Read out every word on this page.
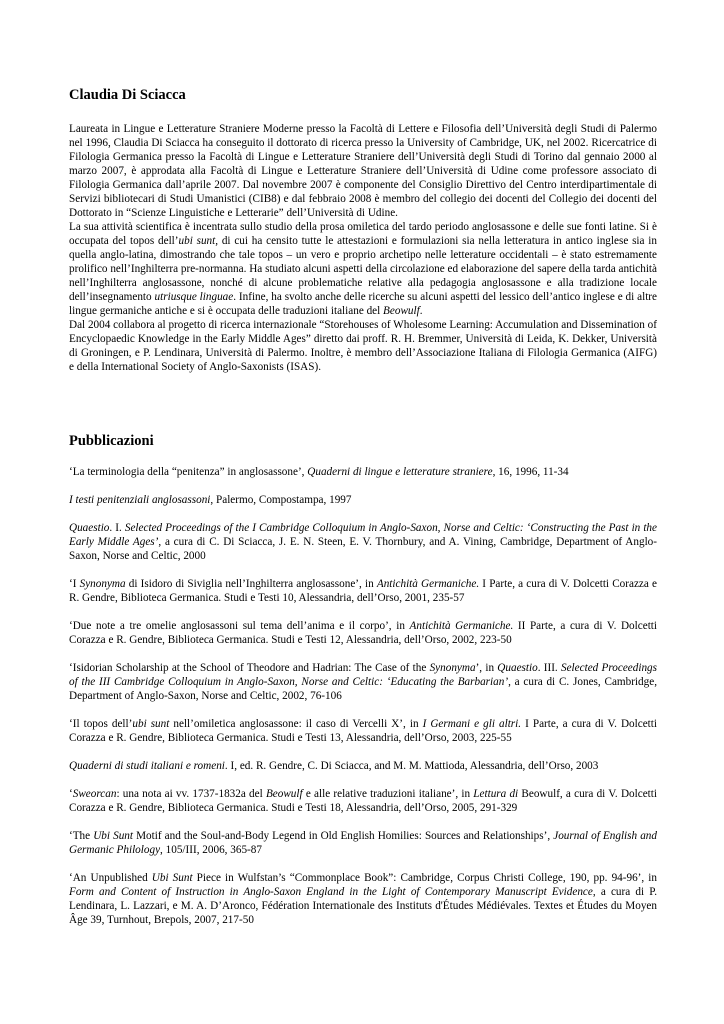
Claudia Di Sciacca

Laureata in Lingue e Letterature Straniere Moderne presso la Facoltà di Lettere e Filosofia dell’Università degli Studi di Palermo nel 1996, Claudia Di Sciacca ha conseguito il dottorato di ricerca presso la University of Cambridge, UK, nel 2002. Ricercatrice di Filologia Germanica presso la Facoltà di Lingue e Letterature Straniere dell’Università degli Studi di Torino dal gennaio 2000 al marzo 2007, è approdata alla Facoltà di Lingue e Letterature Straniere dell’Università di Udine come professore associato di Filologia Germanica dall’aprile 2007. Dal novembre 2007 è componente del Consiglio Direttivo del Centro interdipartimentale di Servizi bibliotecari di Studi Umanistici (CIB8) e dal febbraio 2008 è membro del collegio dei docenti del Collegio dei docenti del Dottorato in “Scienze Linguistiche e Letterarie” dell’Università di Udine.

La sua attività scientifica è incentrata sullo studio della prosa omiletica del tardo periodo anglosassone e delle sue fonti latine. Si è occupata del topos dell’ubi sunt, di cui ha censito tutte le attestazioni e formulazioni sia nella letteratura in antico inglese sia in quella anglo-latina, dimostrando che tale topos – un vero e proprio archetipo nelle letterature occidentali – è stato estremamente prolifico nell’Inghilterra pre-normanna. Ha studiato alcuni aspetti della circolazione ed elaborazione del sapere della tarda antichità nell’Inghilterra anglosassone, nonché di alcune problematiche relative alla pedagogia anglosassone e alla tradizione locale dell’insegnamento utriusque linguae. Infine, ha svolto anche delle ricerche su alcuni aspetti del lessico dell’antico inglese e di altre lingue germaniche antiche e si è occupata delle traduzioni italiane del Beowulf.

Dal 2004 collabora al progetto di ricerca internazionale “Storehouses of Wholesome Learning: Accumulation and Dissemination of Encyclopaedic Knowledge in the Early Middle Ages” diretto dai proff. R. H. Bremmer, Università di Leida, K. Dekker, Università di Groningen, e P. Lendinara, Università di Palermo. Inoltre, è membro dell’Associazione Italiana di Filologia Germanica (AIFG) e della International Society of Anglo-Saxonists (ISAS).

Pubblicazioni

‘La terminologia della “penitenza” in anglosassone’, Quaderni di lingue e letterature straniere, 16, 1996, 11-34

I testi penitenziali anglosassoni, Palermo, Compostampa, 1997

Quaestio. I. Selected Proceedings of the I Cambridge Colloquium in Anglo-Saxon, Norse and Celtic: ‘Constructing the Past in the Early Middle Ages’, a cura di C. Di Sciacca, J. E. N. Steen, E. V. Thornbury, and A. Vining, Cambridge, Department of Anglo-Saxon, Norse and Celtic, 2000

‘I Synonyma di Isidoro di Siviglia nell’Inghilterra anglosassone’, in Antichità Germaniche. I Parte, a cura di V. Dolcetti Corazza e R. Gendre, Biblioteca Germanica. Studi e Testi 10, Alessandria, dell’Orso, 2001, 235-57

‘Due note a tre omelie anglosassoni sul tema dell’anima e il corpo’, in Antichità Germaniche. II Parte, a cura di V. Dolcetti Corazza e R. Gendre, Biblioteca Germanica. Studi e Testi 12, Alessandria, dell’Orso, 2002, 223-50

‘Isidorian Scholarship at the School of Theodore and Hadrian: The Case of the Synonyma’, in Quaestio. III. Selected Proceedings of the III Cambridge Colloquium in Anglo-Saxon, Norse and Celtic: ‘Educating the Barbarian’, a cura di C. Jones, Cambridge, Department of Anglo-Saxon, Norse and Celtic, 2002, 76-106

‘Il topos dell’ubi sunt nell’omiletica anglosassone: il caso di Vercelli X’, in I Germani e gli altri. I Parte, a cura di V. Dolcetti Corazza e R. Gendre, Biblioteca Germanica. Studi e Testi 13, Alessandria, dell’Orso, 2003, 225-55

Quaderni di studi italiani e romeni. I, ed. R. Gendre, C. Di Sciacca, and M. M. Mattioda, Alessandria, dell’Orso, 2003

‘Sweorcan: una nota ai vv. 1737-1832a del Beowulf e alle relative traduzioni italiane’, in Lettura di Beowulf, a cura di V. Dolcetti Corazza e R. Gendre, Biblioteca Germanica. Studi e Testi 18, Alessandria, dell’Orso, 2005, 291-329

‘The Ubi Sunt Motif and the Soul-and-Body Legend in Old English Homilies: Sources and Relationships’, Journal of English and Germanic Philology, 105/III, 2006, 365-87

‘An Unpublished Ubi Sunt Piece in Wulfstan’s “Commonplace Book”: Cambridge, Corpus Christi College, 190, pp. 94-96’, in Form and Content of Instruction in Anglo-Saxon England in the Light of Contemporary Manuscript Evidence, a cura di P. Lendinara, L. Lazzari, e M. A. D’Aronco, Fédération Internationale des Instituts d'Études Médiévales. Textes et Études du Moyen Âge 39, Turnhout, Brepols, 2007, 217-50
